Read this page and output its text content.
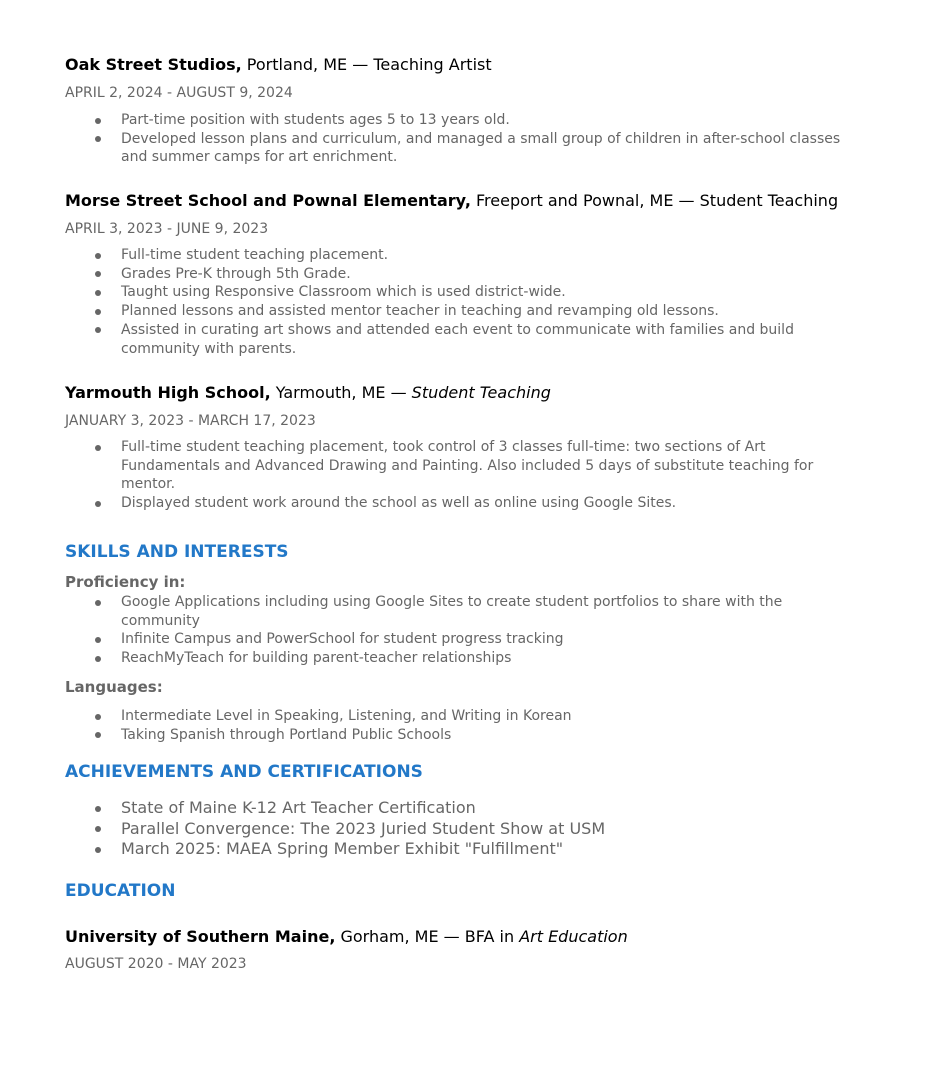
Oak Street Studios, Portland, ME — Teaching Artist
APRIL 2, 2024 - AUGUST 9, 2024
Part-time position with students ages 5 to 13 years old.
Developed lesson plans and curriculum, and managed a small group of children in after-school classes and summer camps for art enrichment.
Morse Street School and Pownal Elementary, Freeport and Pownal, ME — Student Teaching
APRIL 3, 2023 - JUNE 9, 2023
Full-time student teaching placement.
Grades Pre-K through 5th Grade.
Taught using Responsive Classroom which is used district-wide.
Planned lessons and assisted mentor teacher in teaching and revamping old lessons.
Assisted in curating art shows and attended each event to communicate with families and build community with parents.
Yarmouth High School, Yarmouth, ME — Student Teaching
JANUARY 3, 2023 - MARCH 17, 2023
Full-time student teaching placement, took control of 3 classes full-time: two sections of Art Fundamentals and Advanced Drawing and Painting. Also included 5 days of substitute teaching for mentor.
Displayed student work around the school as well as online using Google Sites.
SKILLS AND INTERESTS
Proficiency in:
Google Applications including using Google Sites to create student portfolios to share with the community
Infinite Campus and PowerSchool for student progress tracking
ReachMyTeach for building parent-teacher relationships
Languages:
Intermediate Level in Speaking, Listening, and Writing in Korean
Taking Spanish through Portland Public Schools
ACHIEVEMENTS AND CERTIFICATIONS
State of Maine K-12 Art Teacher Certification
Parallel Convergence: The 2023 Juried Student Show at USM
March 2025: MAEA Spring Member Exhibit "Fulfillment"
EDUCATION
University of Southern Maine, Gorham, ME — BFA in Art Education
AUGUST 2020 - MAY 2023
